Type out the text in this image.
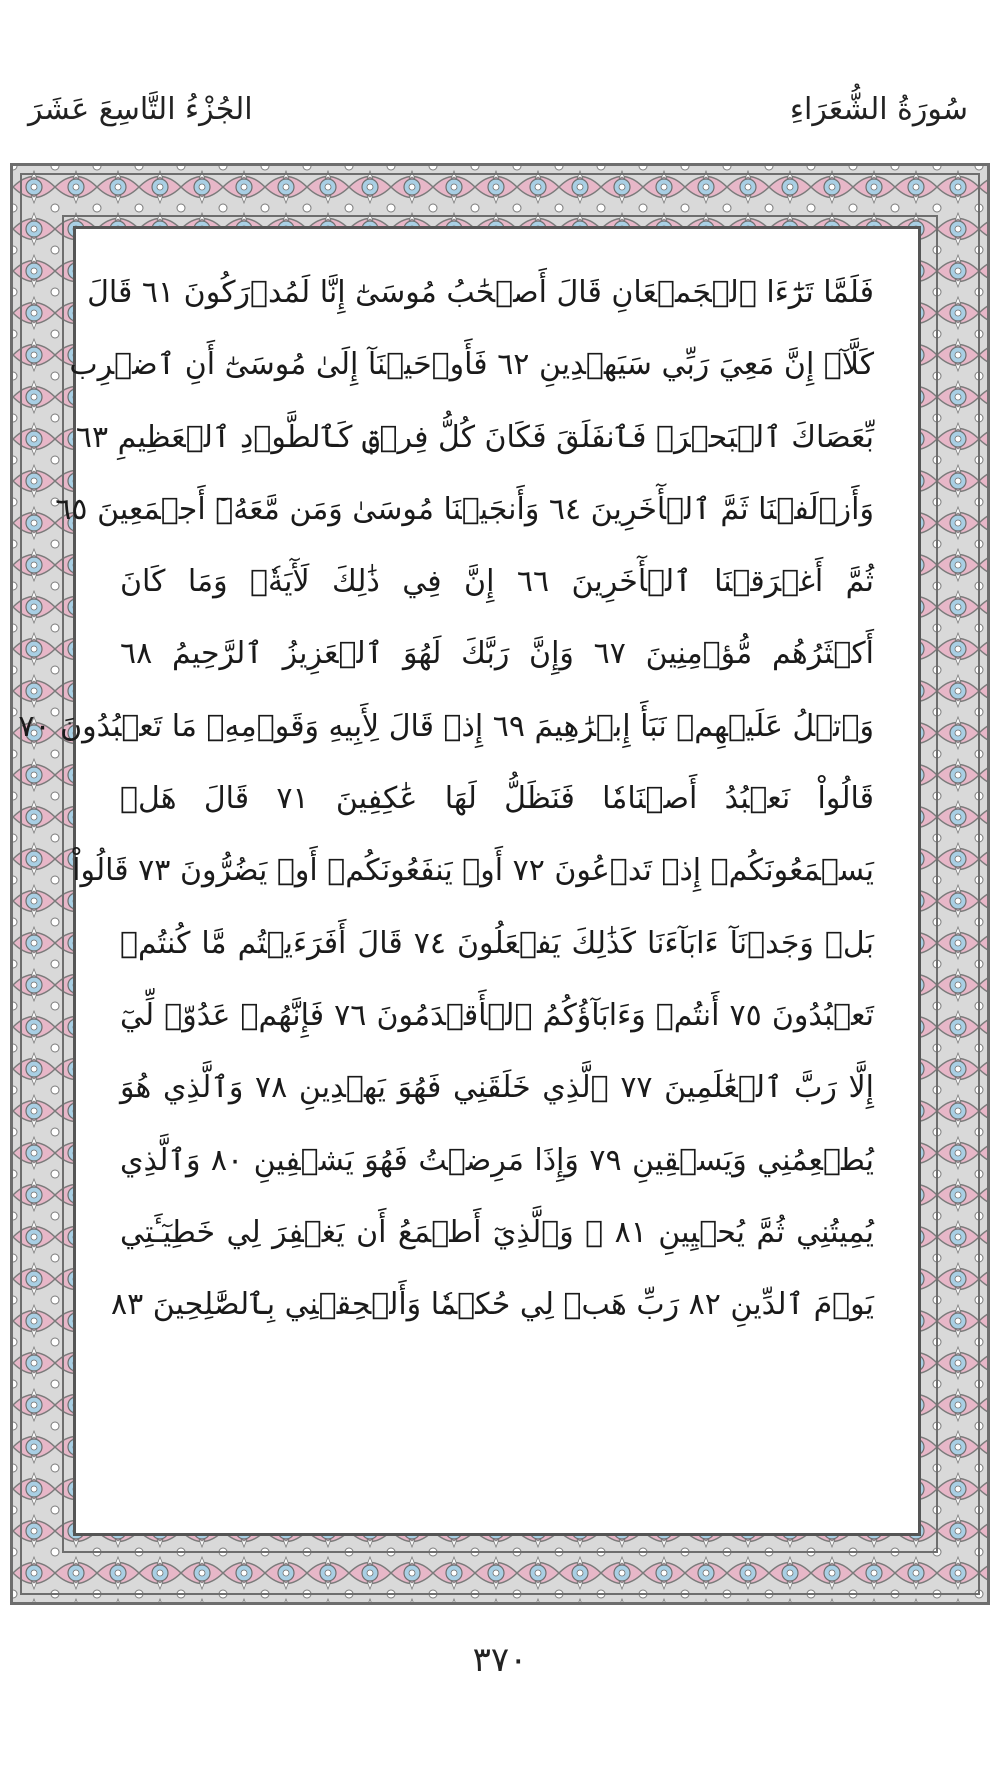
سُورَةُ الشُّعَرَاءِ
الجُزْءُ التَّاسِعَ عَشَرَ
فَلَمَّا تَرَٰٓءَا ٱلۡجَمۡعَانِ قَالَ أَصۡحَٰبُ مُوسَىٰٓ إِنَّا لَمُدۡرَكُونَ ٦١ قَالَ
كَلَّآۖ إِنَّ مَعِيَ رَبِّي سَيَهۡدِينِ ٦٢ فَأَوۡحَيۡنَآ إِلَىٰ مُوسَىٰٓ أَنِ ٱضۡرِب
بِّعَصَاكَ ٱلۡبَحۡرَۖ فَٱنفَلَقَ فَكَانَ كُلُّ فِرۡقٖ كَٱلطَّوۡدِ ٱلۡعَظِيمِ ٦٣
وَأَزۡلَفۡنَا ثَمَّ ٱلۡأٓخَرِينَ ٦٤ وَأَنجَيۡنَا مُوسَىٰ وَمَن مَّعَهُۥٓ أَجۡمَعِينَ ٦٥
ثُمَّ أَغۡرَقۡنَا ٱلۡأٓخَرِينَ ٦٦ إِنَّ فِي ذَٰلِكَ لَأٓيَةٗۖ وَمَا كَانَ
أَكۡثَرُهُم مُّؤۡمِنِينَ ٦٧ وَإِنَّ رَبَّكَ لَهُوَ ٱلۡعَزِيزُ ٱلرَّحِيمُ ٦٨
وَٱتۡلُ عَلَيۡهِمۡ نَبَأَ إِبۡرَٰهِيمَ ٦٩ إِذۡ قَالَ لِأَبِيهِ وَقَوۡمِهِۦ مَا تَعۡبُدُونَ ٧٠
قَالُواْ نَعۡبُدُ أَصۡنَامٗا فَنَظَلُّ لَهَا عَٰكِفِينَ ٧١ قَالَ هَلۡ
يَسۡمَعُونَكُمۡ إِذۡ تَدۡعُونَ ٧٢ أَوۡ يَنفَعُونَكُمۡ أَوۡ يَضُرُّونَ ٧٣ قَالُواْ
بَلۡ وَجَدۡنَآ ءَابَآءَنَا كَذَٰلِكَ يَفۡعَلُونَ ٧٤ قَالَ أَفَرَءَيۡتُم مَّا كُنتُمۡ
تَعۡبُدُونَ ٧٥ أَنتُمۡ وَءَابَآؤُكُمُ ٱلۡأَقۡدَمُونَ ٧٦ فَإِنَّهُمۡ عَدُوّٞ لِّيٓ
إِلَّا رَبَّ ٱلۡعَٰلَمِينَ ٧٧ ٱلَّذِي خَلَقَنِي فَهُوَ يَهۡدِينِ ٧٨ وَٱلَّذِي هُوَ
يُطۡعِمُنِي وَيَسۡقِينِ ٧٩ وَإِذَا مَرِضۡتُ فَهُوَ يَشۡفِينِ ٨٠ وَٱلَّذِي
يُمِيتُنِي ثُمَّ يُحۡيِينِ ٨١ ۞ وَٱلَّذِيٓ أَطۡمَعُ أَن يَغۡفِرَ لِي خَطِيٓـَٔتِي
يَوۡمَ ٱلدِّينِ ٨٢ رَبِّ هَبۡ لِي حُكۡمٗا وَأَلۡحِقۡنِي بِٱلصَّٰلِحِينَ ٨٣
٣٧٠
